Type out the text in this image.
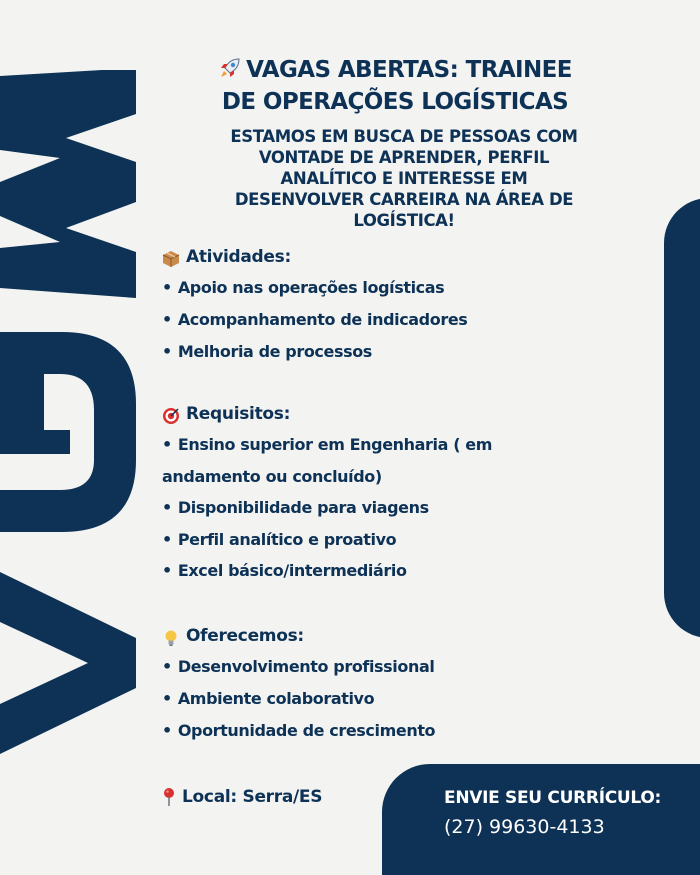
VAGAS ABERTAS: TRAINEE
DE OPERAÇÕES LOGÍSTICAS
ESTAMOS EM BUSCA DE PESSOAS COM
VONTADE DE APRENDER, PERFIL
ANALÍTICO E INTERESSE EM
DESENVOLVER CARREIRA NA ÁREA DE
LOGÍSTICA!
Atividades:
• Apoio nas operações logísticas
• Acompanhamento de indicadores
• Melhoria de processos
Requisitos:
• Ensino superior em Engenharia ( em
andamento ou concluído)
• Disponibilidade para viagens
• Perfil analítico e proativo
• Excel básico/intermediário
Oferecemos:
• Desenvolvimento profissional
• Ambiente colaborativo
• Oportunidade de crescimento
Local: Serra/ES	ENVIE SEU CURRÍCULO:
(27) 99630-4133
